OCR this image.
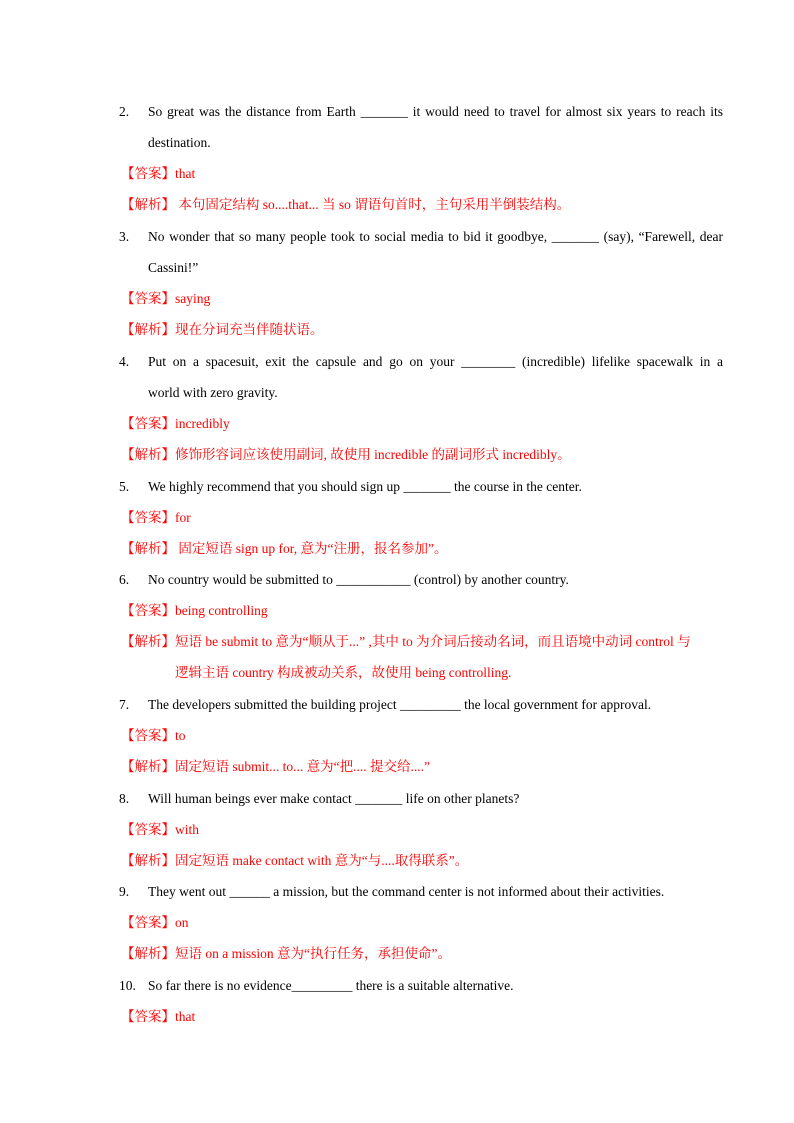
2. So great was the distance from Earth _______ it would need to travel for almost six years to reach its
destination.
【答案】that
【解析】 本句固定结构 so....that... 当 so 谓语句首时，主句采用半倒装结构。
3. No wonder that so many people took to social media to bid it goodbye, _______ (say), “Farewell, dear
Cassini!”
【答案】saying
【解析】现在分词充当伴随状语。
4. Put on a spacesuit, exit the capsule and go on your ________ (incredible) lifelike spacewalk in a
world with zero gravity.
【答案】incredibly
【解析】修饰形容词应该使用副词, 故使用 incredible 的副词形式 incredibly。
5. We highly recommend that you should sign up _______ the course in the center.
【答案】for
【解析】 固定短语 sign up for, 意为“注册，报名参加”。
6. No country would be submitted to ___________ (control) by another country.
【答案】being controlling
【解析】短语 be submit to 意为“顺从于...” ,其中 to 为介词后接动名词，而且语境中动词 control 与
逻辑主语 country 构成被动关系，故使用 being controlling.
7. The developers submitted the building project _________ the local government for approval.
【答案】to
【解析】固定短语 submit... to... 意为“把.... 提交给....”
8. Will human beings ever make contact _______ life on other planets?
【答案】with
【解析】固定短语 make contact with 意为“与....取得联系”。
9. They went out ______ a mission, but the command center is not informed about their activities.
【答案】on
【解析】短语 on a mission 意为“执行任务，承担使命”。
10. So far there is no evidence_________ there is a suitable alternative.
【答案】that
